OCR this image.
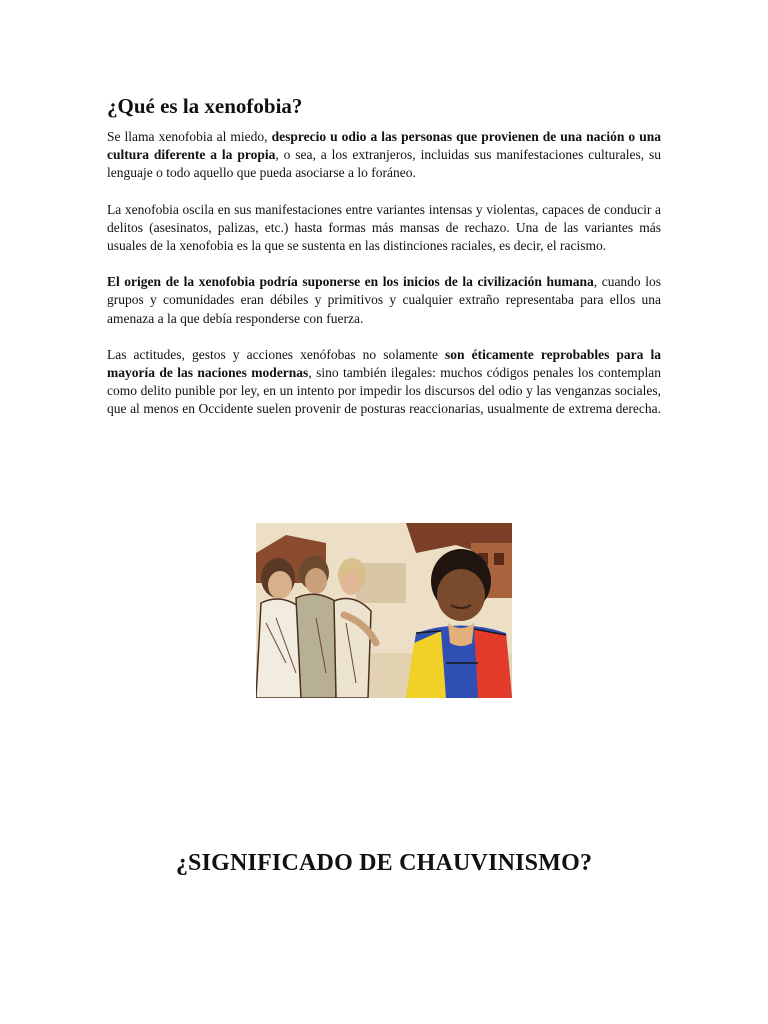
¿Qué es la xenofobia?

Se llama xenofobia al miedo, desprecio u odio a las personas que provienen de una nación o una cultura diferente a la propia, o sea, a los extranjeros, incluidas sus manifestaciones culturales, su lenguaje o todo aquello que pueda asociarse a lo foráneo.

La xenofobia oscila en sus manifestaciones entre variantes intensas y violentas, capaces de conducir a delitos (asesinatos, palizas, etc.) hasta formas más mansas de rechazo. Una de las variantes más usuales de la xenofobia es la que se sustenta en las distinciones raciales, es decir, el racismo.

El origen de la xenofobia podría suponerse en los inicios de la civilización humana, cuando los grupos y comunidades eran débiles y primitivos y cualquier extraño representaba para ellos una amenaza a la que debía responderse con fuerza.

Las actitudes, gestos y acciones xenófobas no solamente son éticamente reprobables para la mayoría de las naciones modernas, sino también ilegales: muchos códigos penales los contemplan como delito punible por ley, en un intento por impedir los discursos del odio y las venganzas sociales, que al menos en Occidente suelen provenir de posturas reaccionarias, usualmente de extrema derecha.

¿SIGNIFICADO DE CHAUVINISMO?
